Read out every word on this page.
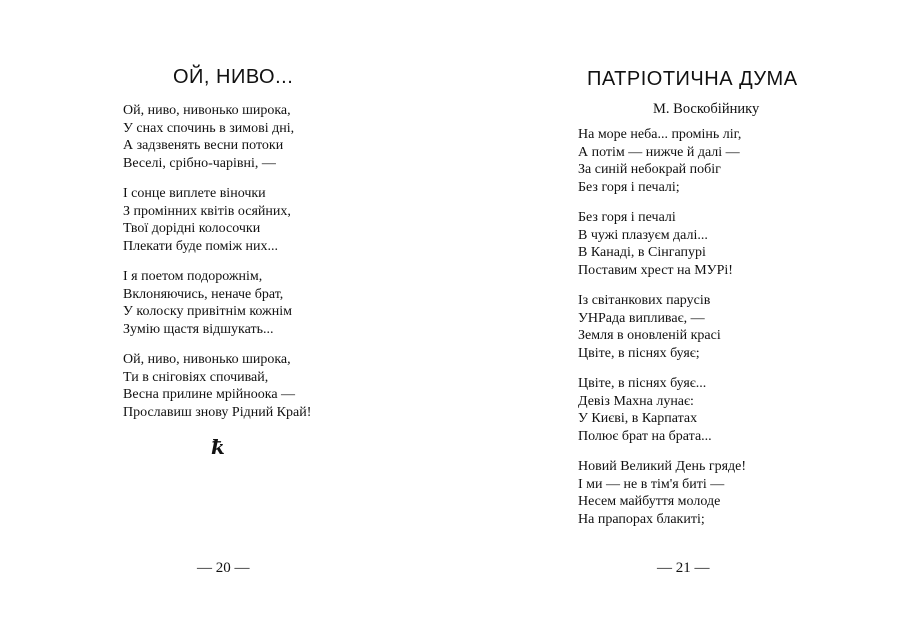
ОЙ, НИВО...
Ой, ниво, нивонько широка,
У снах спочинь в зимові дні,
А задзвенять весни потоки
Веселі, срібно-чарівні, —
І сонце виплете віночки
З промінних квітів осяйних,
Твої дорідні колосочки
Плекати буде поміж них...
І я поетом подорожнім,
Вклоняючись, неначе брат,
У колоску привітнім кожнім
Зумію щастя відшукать...
Ой, ниво, нивонько широка,
Ти в сніговіях спочивай,
Весна прилине мрійноока —
Прославиш знову Рідний Край!
ꝁ
— 20 —
ПАТРІОТИЧНА ДУМА
М. Воскобійнику
На море неба... промінь ліг,
А потім — нижче й далі —
За синій небокрай побіг
Без горя і печалі;
Без горя і печалі
В чужі плазуєм далі...
В Канаді, в Сінгапурі
Поставим хрест на МУРі!
Із світанкових парусів
УНРада випливає, —
Земля в оновленій красі
Цвіте, в піснях буяє;
Цвіте, в піснях буяє...
Девіз Махна лунає:
У Києві, в Карпатах
Полює брат на брата...
Новий Великий День гряде!
І ми — не в тім'я биті —
Несем майбуття молоде
На прапорах блакиті;
— 21 —
